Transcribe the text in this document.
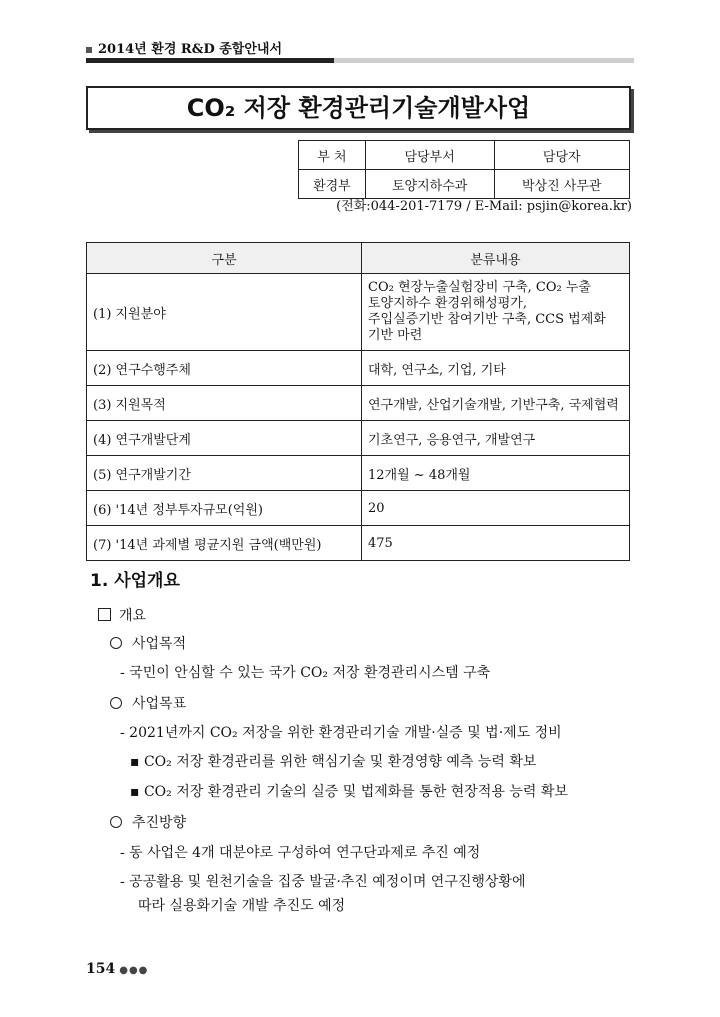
2014년 환경 R&D 종합안내서
CO₂ 저장 환경관리기술개발사업
부 처	담당부서	담당자
환경부	토양지하수과	박상진 사무관
(전화:044-201-7179 / E-Mail: psjin@korea.kr)
구분	분류내용
(1) 지원분야	CO₂ 현장누출실험장비 구축, CO₂ 누출
토양지하수 환경위해성평가,
주입실증기반 참여기반 구축, CCS 법제화
기반 마련

(2) 연구수행주체	대학, 연구소, 기업, 기타
(3) 지원목적	연구개발, 산업기술개발, 기반구축, 국제협력
(4) 연구개발단계	기초연구, 응용연구, 개발연구
(5) 연구개발기간	12개월 ~ 48개월
(6) '14년 정부투자규모(억원)	20
(7) '14년 과제별 평균지원 금액(백만원)	475
1. 사업개요
개요
사업목적
- 국민이 안심할 수 있는 국가 CO₂ 저장 환경관리시스템 구축
사업목표
- 2021년까지 CO₂ 저장을 위한 환경관리기술 개발·실증 및 법·제도 정비
▪ CO₂ 저장 환경관리를 위한 핵심기술 및 환경영향 예측 능력 확보
▪ CO₂ 저장 환경관리 기술의 실증 및 법제화를 통한 현장적용 능력 확보
추진방향
- 동 사업은 4개 대분야로 구성하여 연구단과제로 추진 예정
- 공공활용 및 원천기술을 집중 발굴·추진 예정이며 연구진행상황에
따라 실용화기술 개발 추진도 예정
154 ●●●
